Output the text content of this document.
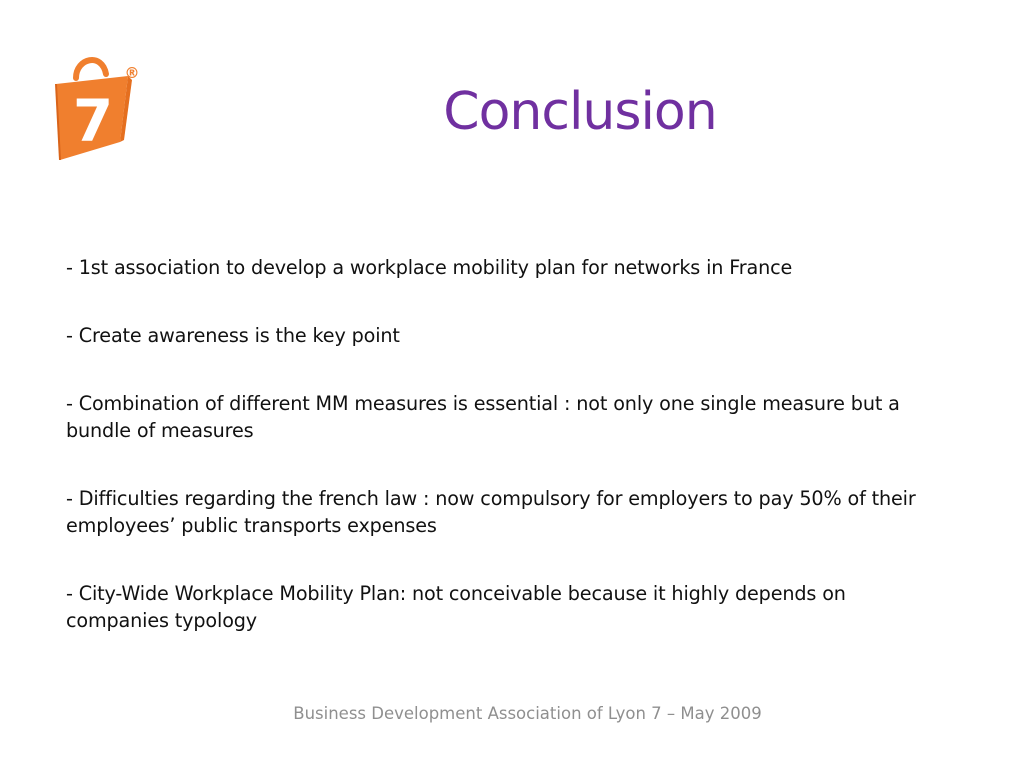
7
®
Conclusion
- 1st association to develop a workplace mobility plan for networks in France
- Create awareness is the key point
- Combination of different MM measures is essential : not only one single measure but a bundle of measures
- Difficulties regarding the french law : now compulsory for employers to pay 50% of their employees’ public transports expenses
- City-Wide Workplace Mobility Plan: not conceivable because it highly depends on companies typology
Business Development Association of Lyon 7 – May 2009
